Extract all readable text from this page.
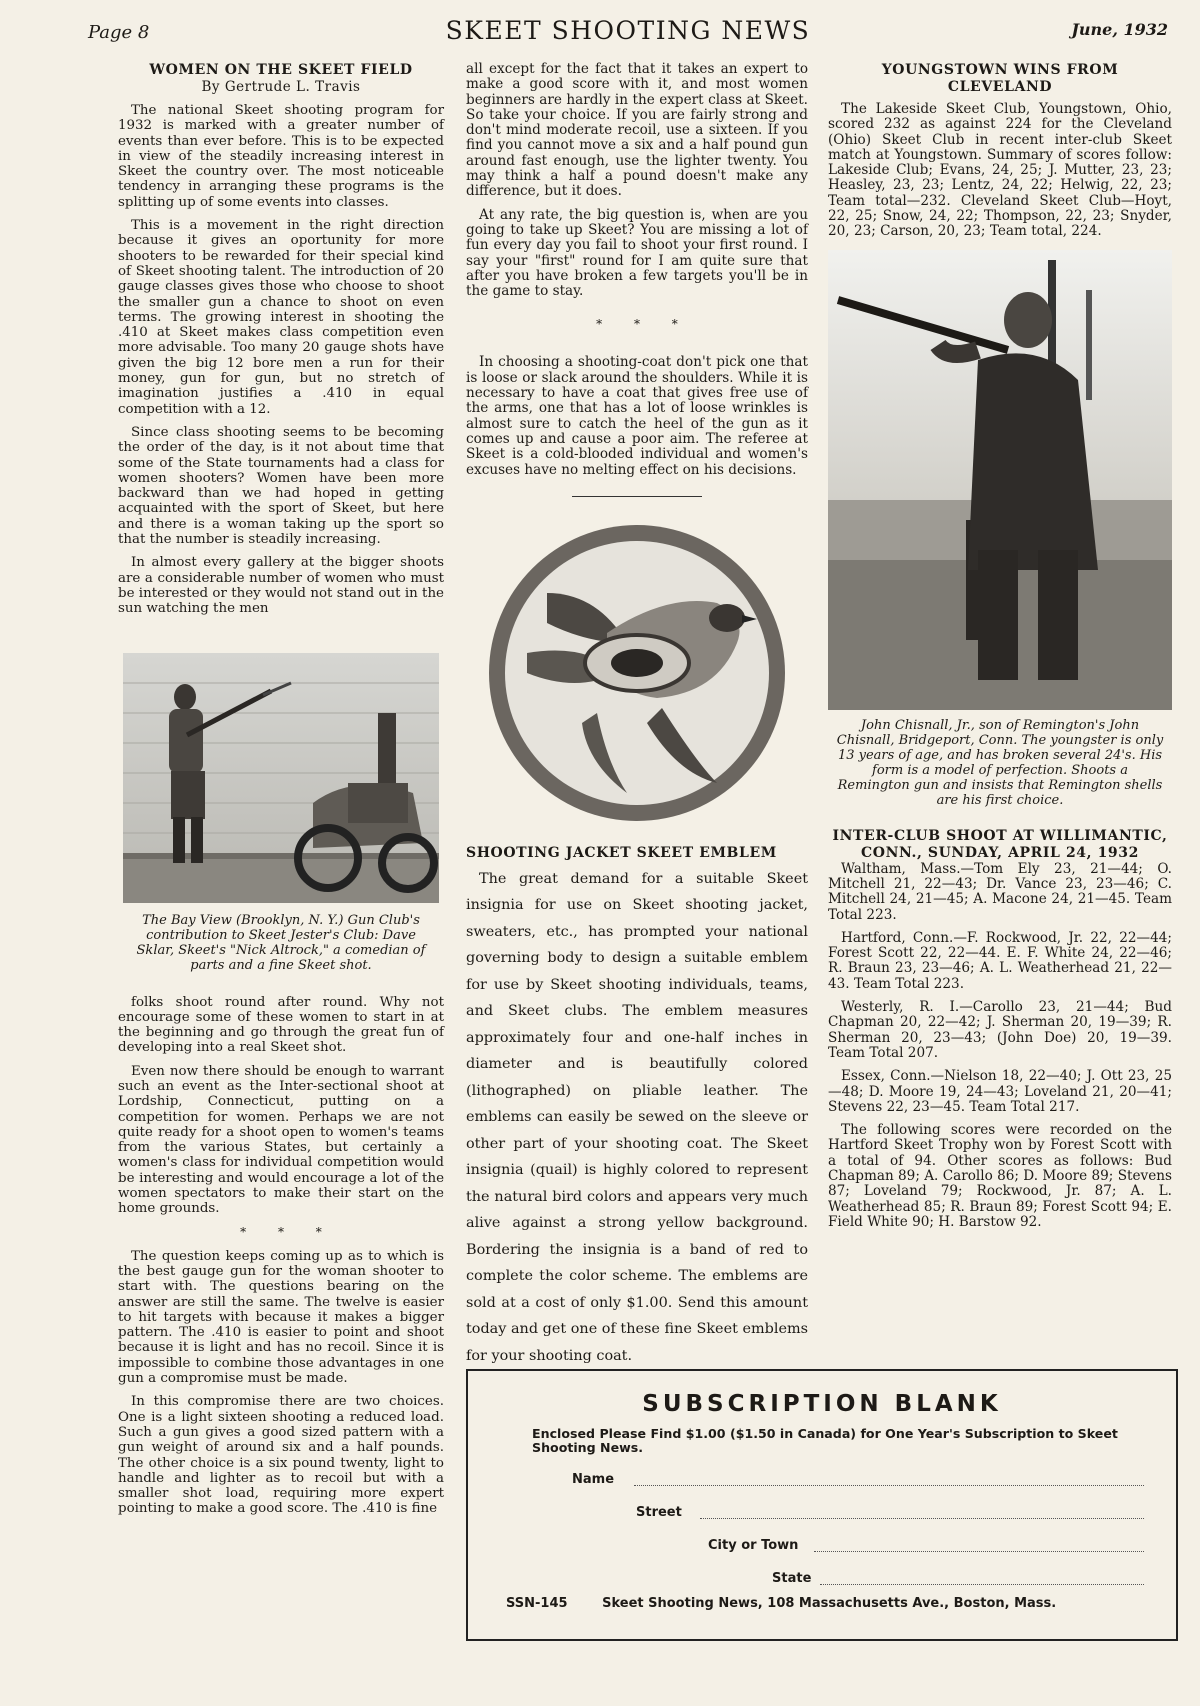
Page 8	SKEET SHOOTING NEWS	June, 1932
WOMEN ON THE SKEET FIELD
By Gertrude L. Travis

The national Skeet shooting program for 1932 is marked with a greater number of events than ever before. This is to be expected in view of the steadily increasing interest in Skeet the country over. The most noticeable tendency in arranging these programs is the splitting up of some events into classes.

This is a movement in the right direction because it gives an oportunity for more shooters to be rewarded for their special kind of Skeet shooting talent. The introduction of 20 gauge classes gives those who choose to shoot the smaller gun a chance to shoot on even terms. The growing interest in shooting the .410 at Skeet makes class competition even more advisable. Too many 20 gauge shots have given the big 12 bore men a run for their money, gun for gun, but no stretch of imagination justifies a .410 in equal competition with a 12.

Since class shooting seems to be becoming the order of the day, is it not about time that some of the State tournaments had a class for women shooters? Women have been more backward than we had hoped in getting acquainted with the sport of Skeet, but here and there is a woman taking up the sport so that the number is steadily increasing.

In almost every gallery at the bigger shoots are a considerable number of women who must be interested or they would not stand out in the sun watching the men

The Bay View (Brooklyn, N. Y.) Gun Club's contribution to Skeet Jester's Club: Dave Sklar, Skeet's "Nick Altrock," a comedian of parts and a fine Skeet shot.

folks shoot round after round. Why not encourage some of these women to start in at the beginning and go through the great fun of developing into a real Skeet shot.

Even now there should be enough to warrant such an event as the Inter-sectional shoot at Lordship, Connecticut, putting on a competition for women. Perhaps we are not quite ready for a shoot open to women's teams from the various States, but certainly a women's class for individual competition would be interesting and would encourage a lot of the women spectators to make their start on the home grounds.

* * *

The question keeps coming up as to which is the best gauge gun for the woman shooter to start with. The questions bearing on the answer are still the same. The twelve is easier to hit targets with because it makes a bigger pattern. The .410 is easier to point and shoot because it is light and has no recoil. Since it is impossible to combine those advantages in one gun a compromise must be made.

In this compromise there are two choices. One is a light sixteen shooting a reduced load. Such a gun gives a good sized pattern with a gun weight of around six and a half pounds. The other choice is a six pound twenty, light to handle and lighter as to recoil but with a smaller shot load, requiring more expert pointing to make a good score. The .410 is fine

all except for the fact that it takes an expert to make a good score with it, and most women beginners are hardly in the expert class at Skeet. So take your choice. If you are fairly strong and don't mind moderate recoil, use a sixteen. If you find you cannot move a six and a half pound gun around fast enough, use the lighter twenty. You may think a half a pound doesn't make any difference, but it does.

At any rate, the big question is, when are you going to take up Skeet? You are missing a lot of fun every day you fail to shoot your first round. I say your "first" round for I am quite sure that after you have broken a few targets you'll be in the game to stay.

* * *

In choosing a shooting-coat don't pick one that is loose or slack around the shoulders. While it is necessary to have a coat that gives free use of the arms, one that has a lot of loose wrinkles is almost sure to catch the heel of the gun as it comes up and cause a poor aim. The referee at Skeet is a cold-blooded individual and women's excuses have no melting effect on his decisions.

SHOOTING JACKET SKEET EMBLEM

The great demand for a suitable Skeet insignia for use on Skeet shooting jacket, sweaters, etc., has prompted your national governing body to design a suitable emblem for use by Skeet shooting individuals, teams, and Skeet clubs. The emblem measures approximately four and one-half inches in diameter and is beautifully colored (lithographed) on pliable leather. The emblems can easily be sewed on the sleeve or other part of your shooting coat. The Skeet insignia (quail) is highly colored to represent the natural bird colors and appears very much alive against a strong yellow background. Bordering the insignia is a band of red to complete the color scheme. The emblems are sold at a cost of only $1.00. Send this amount today and get one of these fine Skeet emblems for your shooting coat.

YOUNGSTOWN WINS FROM CLEVELAND

The Lakeside Skeet Club, Youngstown, Ohio, scored 232 as against 224 for the Cleveland (Ohio) Skeet Club in recent inter-club Skeet match at Youngstown. Summary of scores follow: Lakeside Club; Evans, 24, 25; J. Mutter, 23, 23; Heasley, 23, 23; Lentz, 24, 22; Helwig, 22, 23; Team total—232. Cleveland Skeet Club—Hoyt, 22, 25; Snow, 24, 22; Thompson, 22, 23; Snyder, 20, 23; Carson, 20, 23; Team total, 224.

John Chisnall, Jr., son of Remington's John Chisnall, Bridgeport, Conn. The youngster is only 13 years of age, and has broken several 24's. His form is a model of perfection. Shoots a Remington gun and insists that Remington shells are his first choice.
INTER-CLUB SHOOT AT WILLIMANTIC, CONN., SUNDAY, APRIL 24, 1932

Waltham, Mass.—Tom Ely 23, 21—44; O. Mitchell 21, 22—43; Dr. Vance 23, 23—46; C. Mitchell 24, 21—45; A. Macone 24, 21—45. Team Total 223.

Hartford, Conn.—F. Rockwood, Jr. 22, 22—44; Forest Scott 22, 22—44. E. F. White 24, 22—46; R. Braun 23, 23—46; A. L. Weatherhead 21, 22—43. Team Total 223.

Westerly, R. I.—Carollo 23, 21—44; Bud Chapman 20, 22—42; J. Sherman 20, 19—39; R. Sherman 20, 23—43; (John Doe) 20, 19—39. Team Total 207.

Essex, Conn.—Nielson 18, 22—40; J. Ott 23, 25—48; D. Moore 19, 24—43; Loveland 21, 20—41; Stevens 22, 23—45. Team Total 217.

The following scores were recorded on the Hartford Skeet Trophy won by Forest Scott with a total of 94. Other scores as follows: Bud Chapman 89; A. Carollo 86; D. Moore 89; Stevens 87; Loveland 79; Rockwood, Jr. 87; A. L. Weatherhead 85; R. Braun 89; Forest Scott 94; E. Field White 90; H. Barstow 92.

SUBSCRIPTION BLANK
Enclosed Please Find $1.00 ($1.50 in Canada) for One Year's Subscription to Skeet Shooting News.
Name
Street
City or Town
State
SSN-145	Skeet Shooting News, 108 Massachusetts Ave., Boston, Mass.
